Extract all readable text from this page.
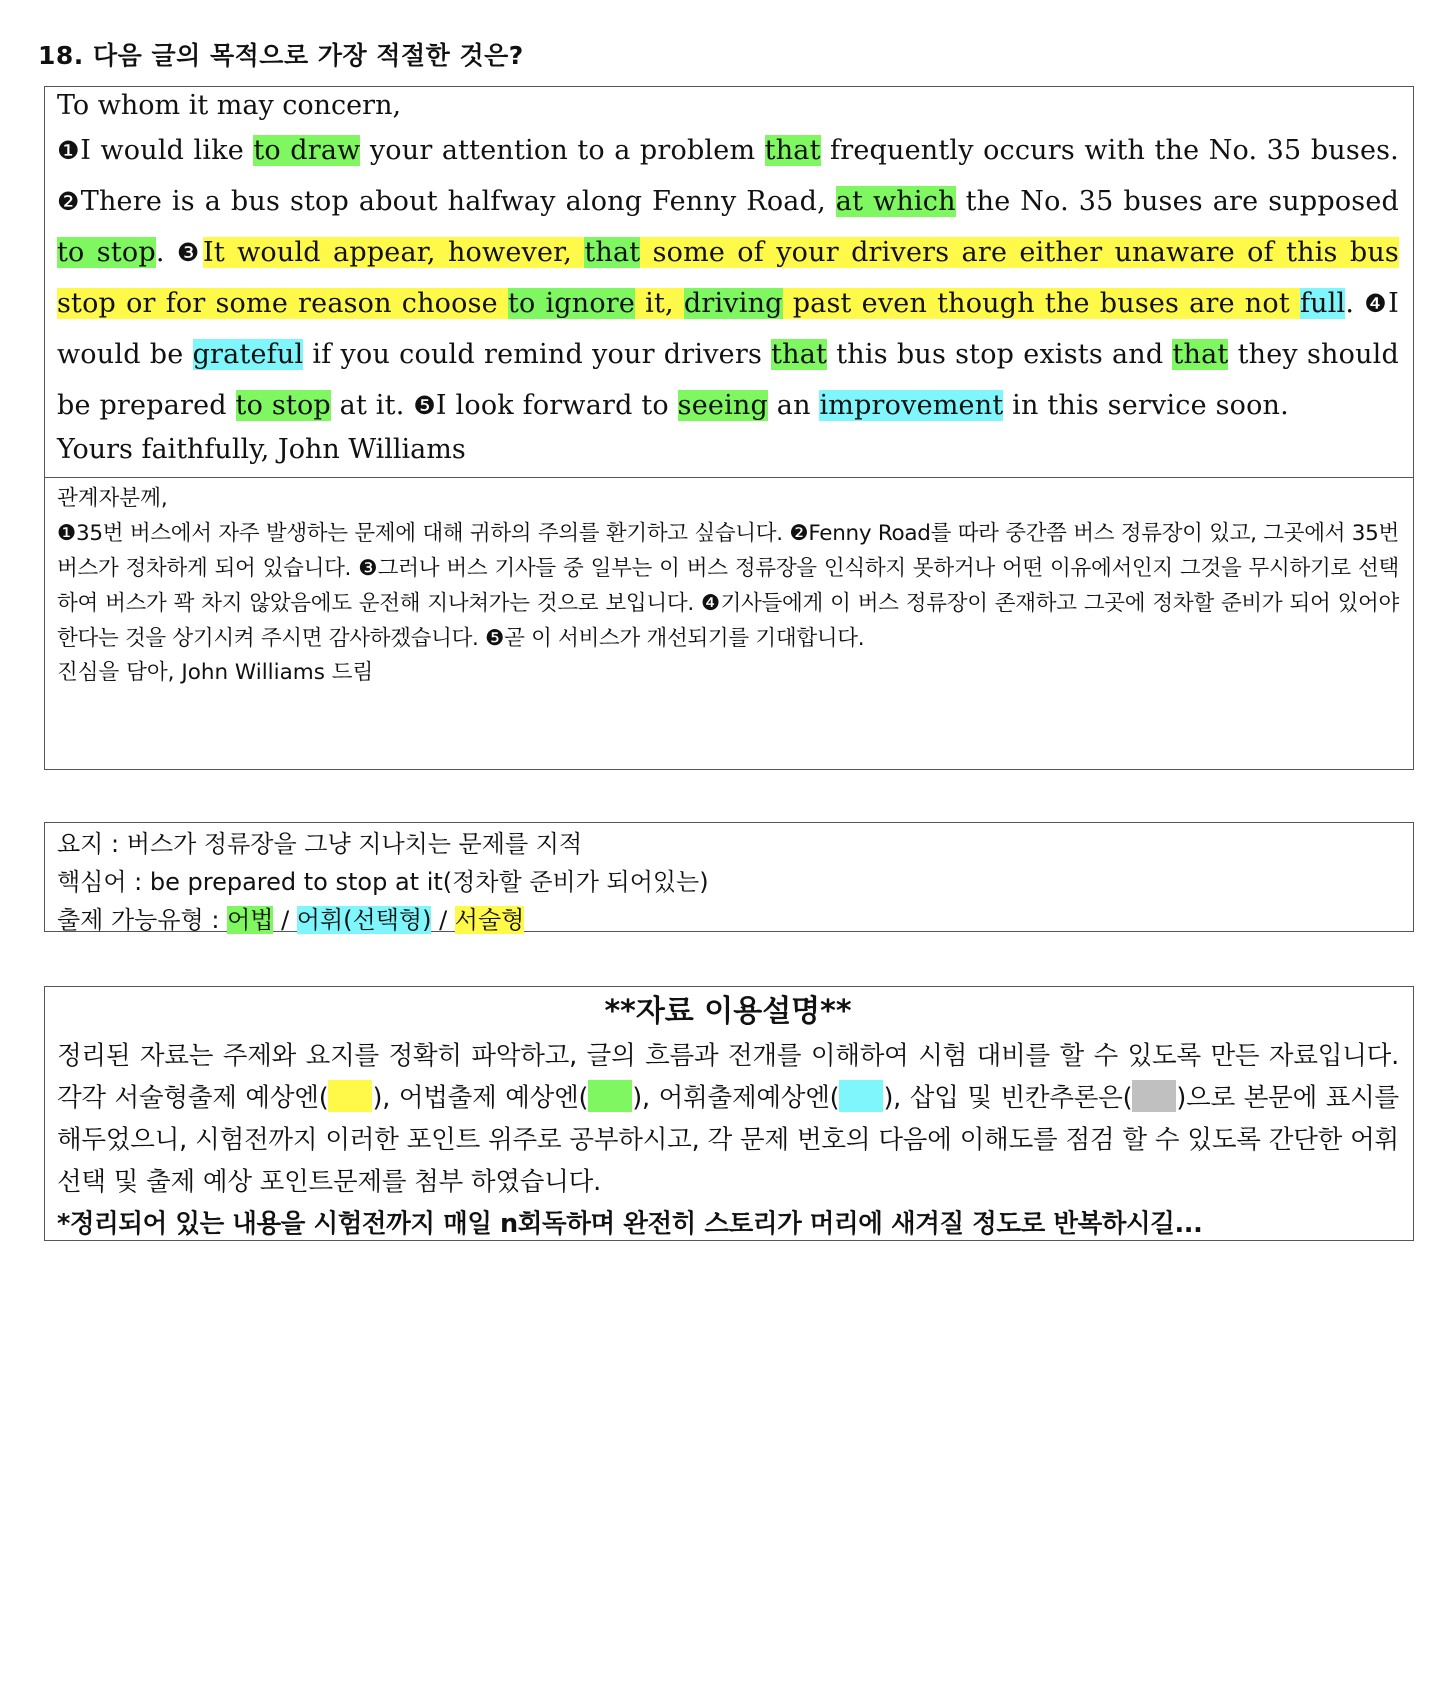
18. 다음 글의 목적으로 가장 적절한 것은?
To whom it may concern,
❶I would like to draw your attention to a problem that frequently occurs with the No. 35 buses. ❷There is a bus stop about halfway along Fenny Road, at which the No. 35 buses are supposed to stop. ❸It would appear, however, that some of your drivers are either unaware of this bus stop or for some reason choose to ignore it, driving past even though the buses are not full. ❹I would be grateful if you could remind your drivers that this bus stop exists and that they should be prepared to stop at it. ❺I look forward to seeing an improvement in this service soon.
Yours faithfully, John Williams
관계자분께,
❶35번 버스에서 자주 발생하는 문제에 대해 귀하의 주의를 환기하고 싶습니다. ❷Fenny Road를 따라 중간쯤 버스 정류장이 있고, 그곳에서 35번 버스가 정차하게 되어 있습니다. ❸그러나 버스 기사들 중 일부는 이 버스 정류장을 인식하지 못하거나 어떤 이유에서인지 그것을 무시하기로 선택하여 버스가 꽉 차지 않았음에도 운전해 지나쳐가는 것으로 보입니다. ❹기사들에게 이 버스 정류장이 존재하고 그곳에 정차할 준비가 되어 있어야 한다는 것을 상기시켜 주시면 감사하겠습니다. ❺곧 이 서비스가 개선되기를 기대합니다.
진심을 담아, John Williams 드림
요지 : 버스가 정류장을 그냥 지나치는 문제를 지적
핵심어 : be prepared to stop at it(정차할 준비가 되어있는)
출제 가능유형 : 어법 / 어휘(선택형) / 서술형
**자료 이용설명**
정리된 자료는 주제와 요지를 정확히 파악하고, 글의 흐름과 전개를 이해하여 시험 대비를 할 수 있도록 만든 자료입니다. 각각 서술형출제 예상엔( ), 어법출제 예상엔( ), 어휘출제예상엔( ), 삽입 및 빈칸추론은( )으로 본문에 표시를 해두었으니, 시험전까지 이러한 포인트 위주로 공부하시고, 각 문제 번호의 다음에 이해도를 점검 할 수 있도록 간단한 어휘선택 및 출제 예상 포인트문제를 첨부 하였습니다.
*정리되어 있는 내용을 시험전까지 매일 n회독하며 완전히 스토리가 머리에 새겨질 정도로 반복하시길...
